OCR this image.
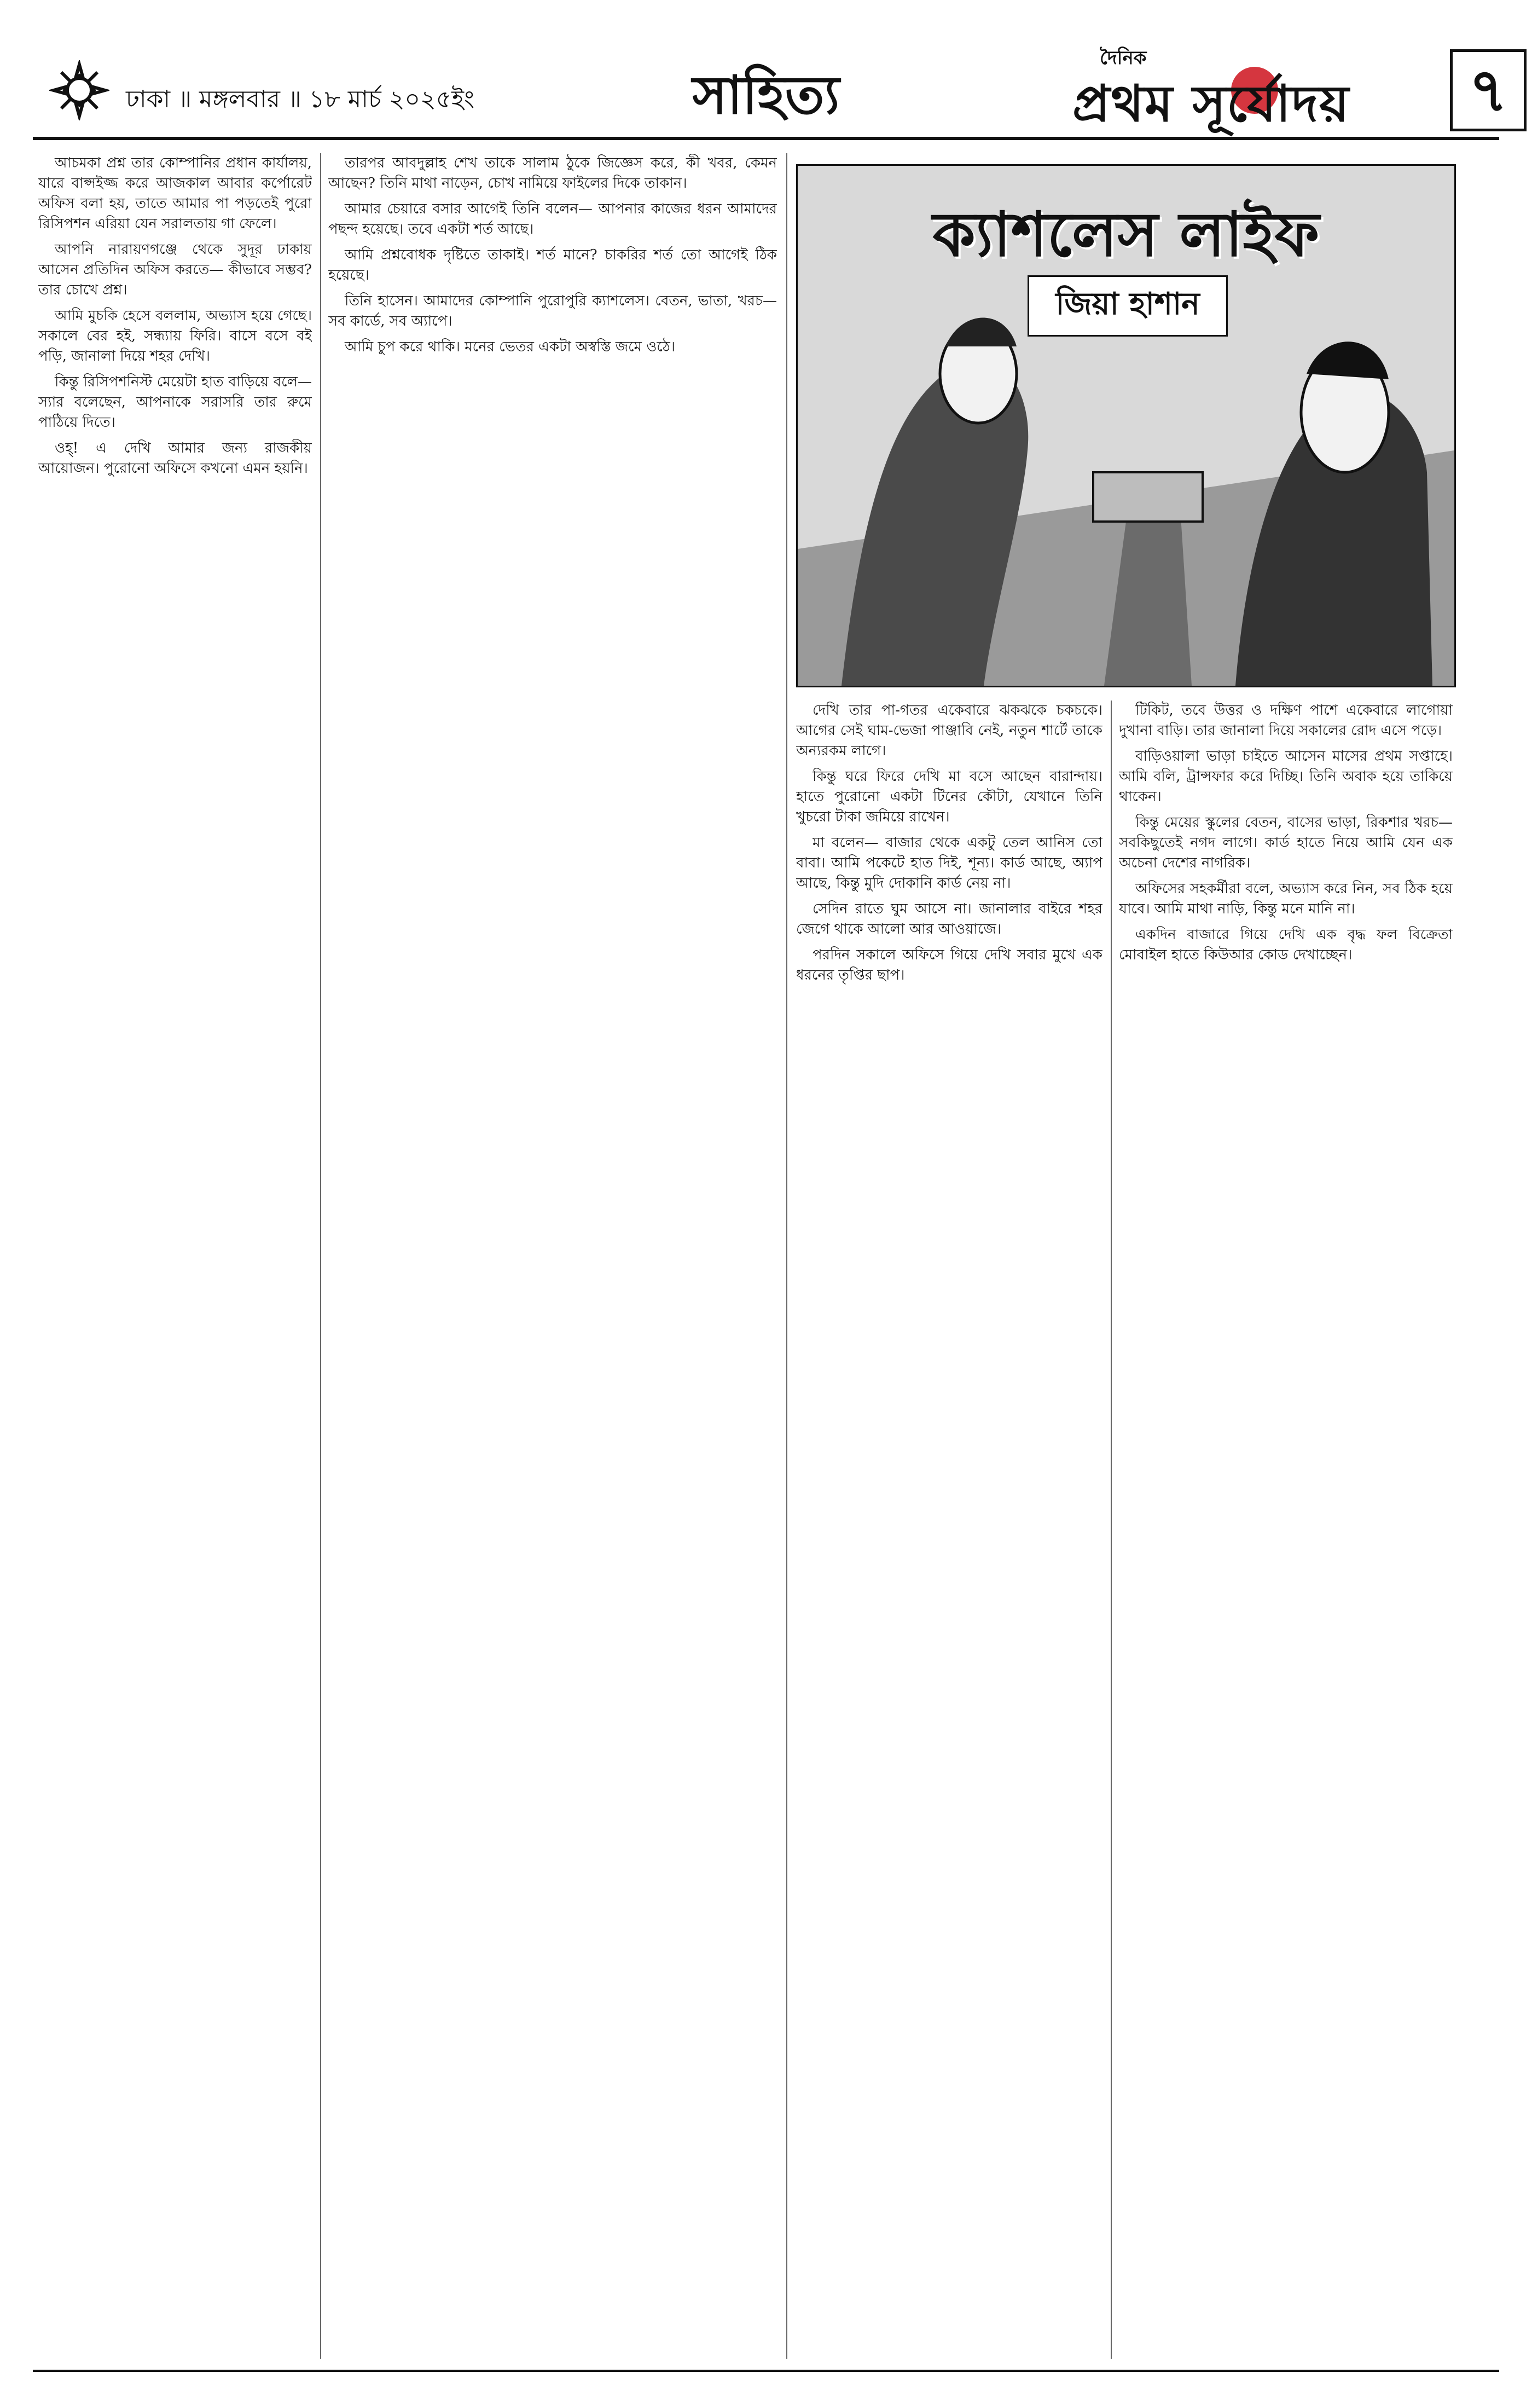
ঢাকা ॥ মঙ্গলবার ॥ ১৮ মার্চ ২০২৫ইং	সাহিত্য
দৈনিক
প্রথম সূর্যোদয়	৭
ক্যাশলেস লাইফ
জিয়া হাশান

আচমকা প্রশ্ন তার কোম্পানির প্রধান কার্যালয়, যারে বাপ্সইজ্জ করে আজকাল আবার কর্পোরেট অফিস বলা হয়, তাতে আমার পা পড়তেই পুরো রিসিপশন এরিয়া যেন সরালতায় গা ফেলে।

আপনি নারায়ণগঞ্জে থেকে সুদূর ঢাকায় আসেন প্রতিদিন অফিস করতে— কীভাবে সম্ভব? তার চোখে প্রশ্ন।

আমি মুচকি হেসে বললাম, অভ্যাস হয়ে গেছে। সকালে বের হই, সন্ধ্যায় ফিরি। বাসে বসে বই পড়ি, জানালা দিয়ে শহর দেখি।

কিন্তু রিসিপশনিস্ট মেয়েটা হাত বাড়িয়ে বলে— স্যার বলেছেন, আপনাকে সরাসরি তার রুমে পাঠিয়ে দিতে।

ওহ্‌! এ দেখি আমার জন্য রাজকীয় আয়োজন। পুরোনো অফিসে কখনো এমন হয়নি।

তারপর আবদুল্লাহ শেখ তাকে সালাম ঠুকে জিজ্ঞেস করে, কী খবর, কেমন আছেন? তিনি মাথা নাড়েন, চোখ নামিয়ে ফাইলের দিকে তাকান।

আমার চেয়ারে বসার আগেই তিনি বলেন— আপনার কাজের ধরন আমাদের পছন্দ হয়েছে। তবে একটা শর্ত আছে।

আমি প্রশ্নবোধক দৃষ্টিতে তাকাই। শর্ত মানে? চাকরির শর্ত তো আগেই ঠিক হয়েছে।

তিনি হাসেন। আমাদের কোম্পানি পুরোপুরি ক্যাশলেস। বেতন, ভাতা, খরচ— সব কার্ডে, সব অ্যাপে।

আমি চুপ করে থাকি। মনের ভেতর একটা অস্বস্তি জমে ওঠে।

দেখি তার পা-গতর একেবারে ঝকঝকে চকচকে। আগের সেই ঘাম-ভেজা পাঞ্জাবি নেই, নতুন শার্টে তাকে অন্যরকম লাগে।

কিন্তু ঘরে ফিরে দেখি মা বসে আছেন বারান্দায়। হাতে পুরোনো একটা টিনের কৌটা, যেখানে তিনি খুচরো টাকা জমিয়ে রাখেন।

মা বলেন— বাজার থেকে একটু তেল আনিস তো বাবা। আমি পকেটে হাত দিই, শূন্য। কার্ড আছে, অ্যাপ আছে, কিন্তু মুদি দোকানি কার্ড নেয় না।

সেদিন রাতে ঘুম আসে না। জানালার বাইরে শহর জেগে থাকে আলো আর আওয়াজে।

পরদিন সকালে অফিসে গিয়ে দেখি সবার মুখে এক ধরনের তৃপ্তির ছাপ।

টিকিট, তবে উত্তর ও দক্ষিণ পাশে একেবারে লাগোয়া দুখানা বাড়ি। তার জানালা দিয়ে সকালের রোদ এসে পড়ে।

বাড়িওয়ালা ভাড়া চাইতে আসেন মাসের প্রথম সপ্তাহে। আমি বলি, ট্রান্সফার করে দিচ্ছি। তিনি অবাক হয়ে তাকিয়ে থাকেন।

কিন্তু মেয়ের স্কুলের বেতন, বাসের ভাড়া, রিকশার খরচ— সবকিছুতেই নগদ লাগে। কার্ড হাতে নিয়ে আমি যেন এক অচেনা দেশের নাগরিক।

অফিসের সহকর্মীরা বলে, অভ্যাস করে নিন, সব ঠিক হয়ে যাবে। আমি মাথা নাড়ি, কিন্তু মনে মানি না।

একদিন বাজারে গিয়ে দেখি এক বৃদ্ধ ফল বিক্রেতা মোবাইল হাতে কিউআর কোড দেখাচ্ছেন।
